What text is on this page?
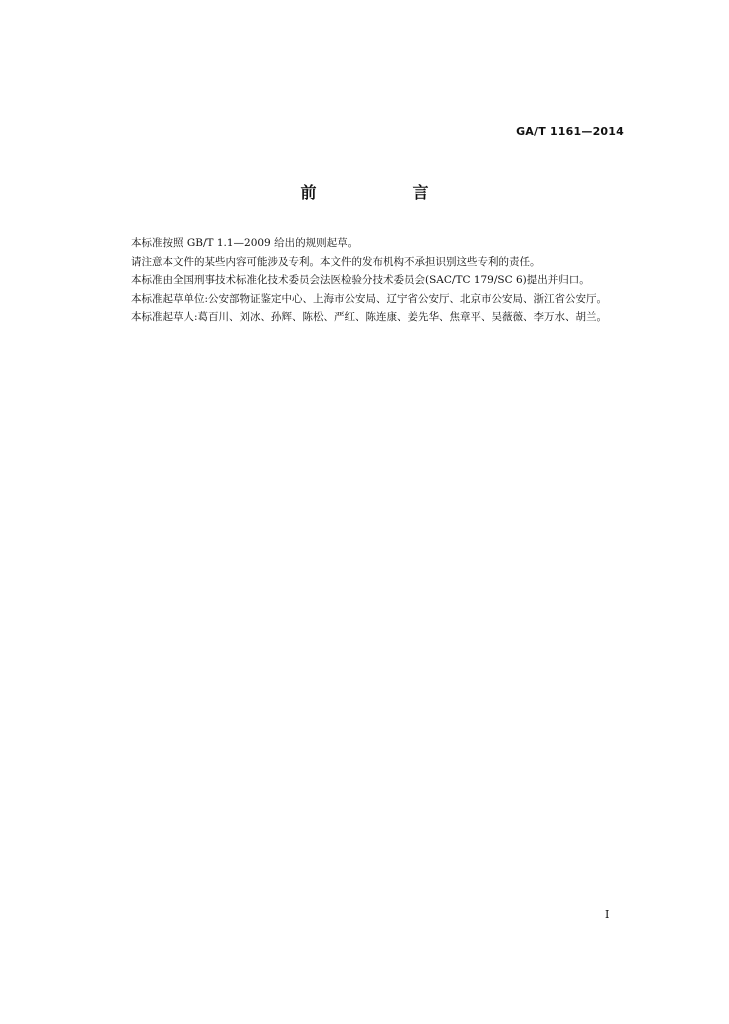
GA/T 1161—2014
前　言

本标准按照 GB/T 1.1—2009 给出的规则起草。

请注意本文件的某些内容可能涉及专利。本文件的发布机构不承担识别这些专利的责任。

本标准由全国刑事技术标准化技术委员会法医检验分技术委员会(SAC/TC 179/SC 6)提出并归口。

本标准起草单位:公安部物证鉴定中心、上海市公安局、辽宁省公安厅、北京市公安局、浙江省公安厅。

本标准起草人:葛百川、刘冰、孙辉、陈松、严红、陈连康、姜先华、焦章平、吴薇薇、李万水、胡兰。

I
